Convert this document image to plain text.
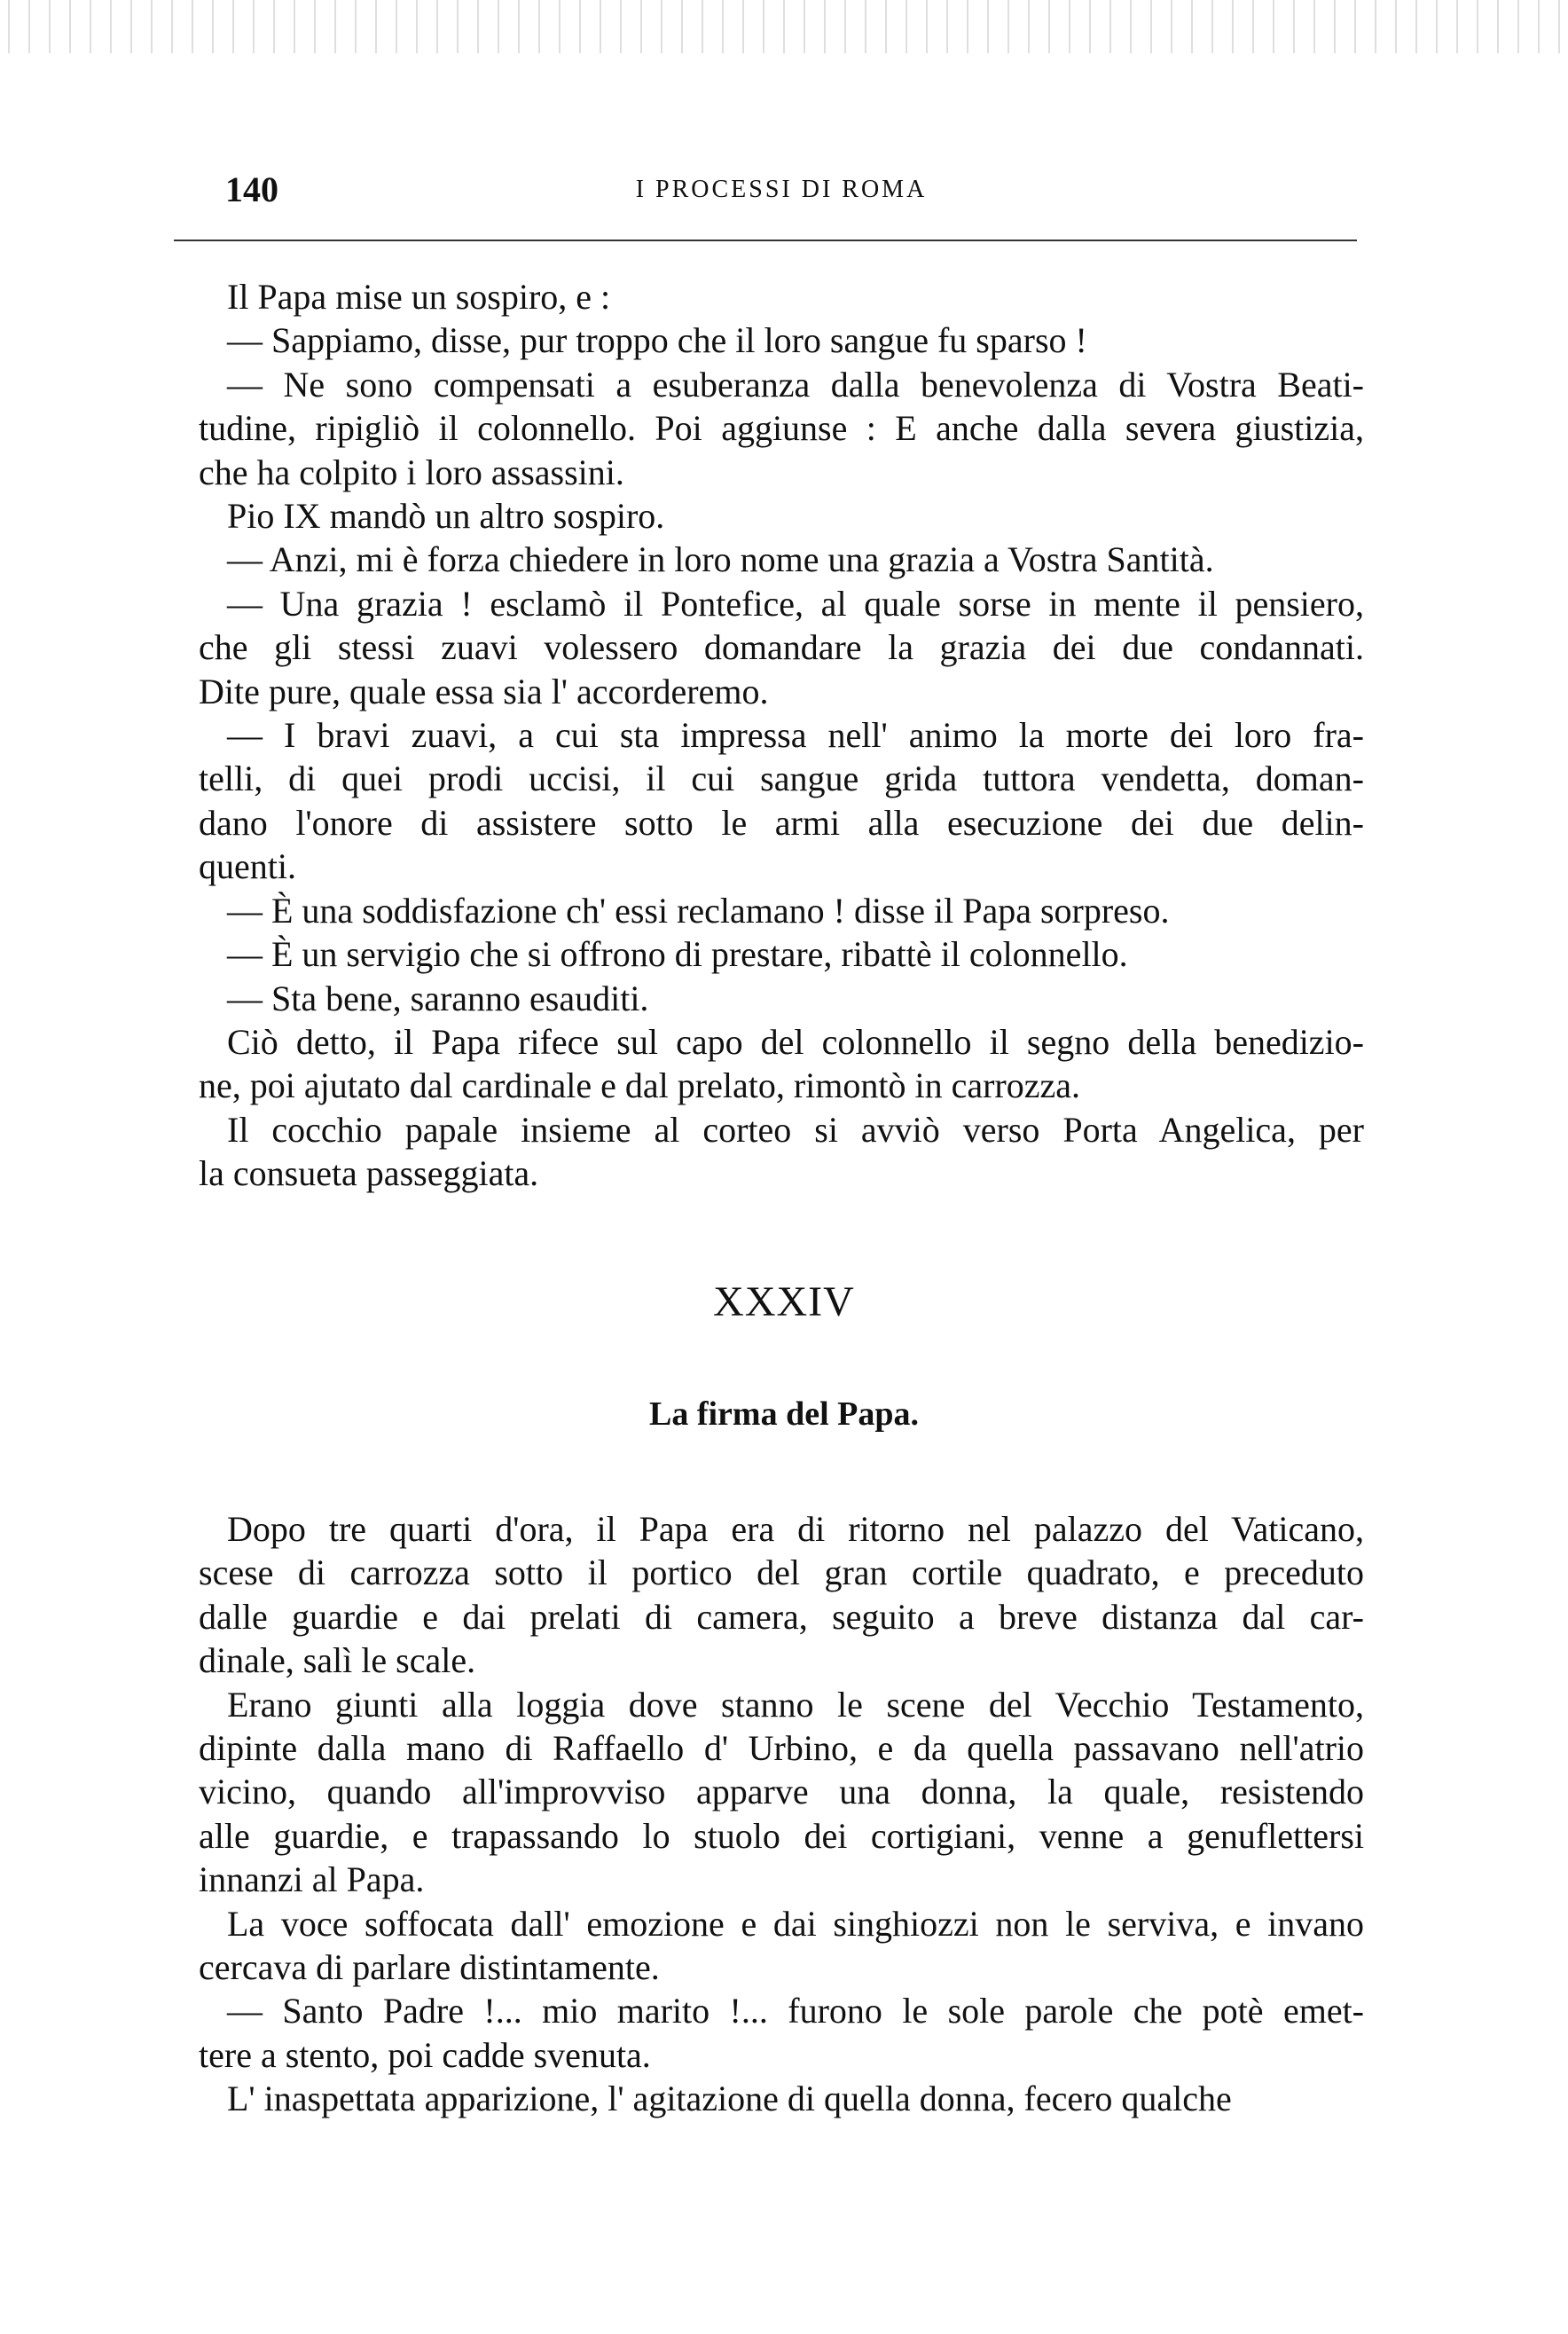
140	I PROCESSI DI ROMA
Il Papa mise un sospiro, e :
— Sappiamo, disse, pur troppo che il loro sangue fu sparso !
— Ne sono compensati a esuberanza dalla benevolenza di Vostra Beati-
tudine, ripigliò il colonnello. Poi aggiunse : E anche dalla severa giustizia,
che ha colpito i loro assassini.
Pio IX mandò un altro sospiro.
— Anzi, mi è forza chiedere in loro nome una grazia a Vostra Santità.
— Una grazia ! esclamò il Pontefice, al quale sorse in mente il pensiero,
che gli stessi zuavi volessero domandare la grazia dei due condannati.
Dite pure, quale essa sia l' accorderemo.
— I bravi zuavi, a cui sta impressa nell' animo la morte dei loro fra-
telli, di quei prodi uccisi, il cui sangue grida tuttora vendetta, doman-
dano l'onore di assistere sotto le armi alla esecuzione dei due delin-
quenti.
— È una soddisfazione ch' essi reclamano ! disse il Papa sorpreso.
— È un servigio che si offrono di prestare, ribattè il colonnello.
— Sta bene, saranno esauditi.
Ciò detto, il Papa rifece sul capo del colonnello il segno della benedizio-
ne, poi ajutato dal cardinale e dal prelato, rimontò in carrozza.
Il cocchio papale insieme al corteo si avviò verso Porta Angelica, per
la consueta passeggiata.
XXXIV
La firma del Papa.
Dopo tre quarti d'ora, il Papa era di ritorno nel palazzo del Vaticano,
scese di carrozza sotto il portico del gran cortile quadrato, e preceduto
dalle guardie e dai prelati di camera, seguito a breve distanza dal car-
dinale, salì le scale.
Erano giunti alla loggia dove stanno le scene del Vecchio Testamento,
dipinte dalla mano di Raffaello d' Urbino, e da quella passavano nell'atrio
vicino, quando all'improvviso apparve una donna, la quale, resistendo
alle guardie, e trapassando lo stuolo dei cortigiani, venne a genuflettersi
innanzi al Papa.
La voce soffocata dall' emozione e dai singhiozzi non le serviva, e invano
cercava di parlare distintamente.
— Santo Padre !... mio marito !... furono le sole parole che potè emet-
tere a stento, poi cadde svenuta.
L' inaspettata apparizione, l' agitazione di quella donna, fecero qualche
